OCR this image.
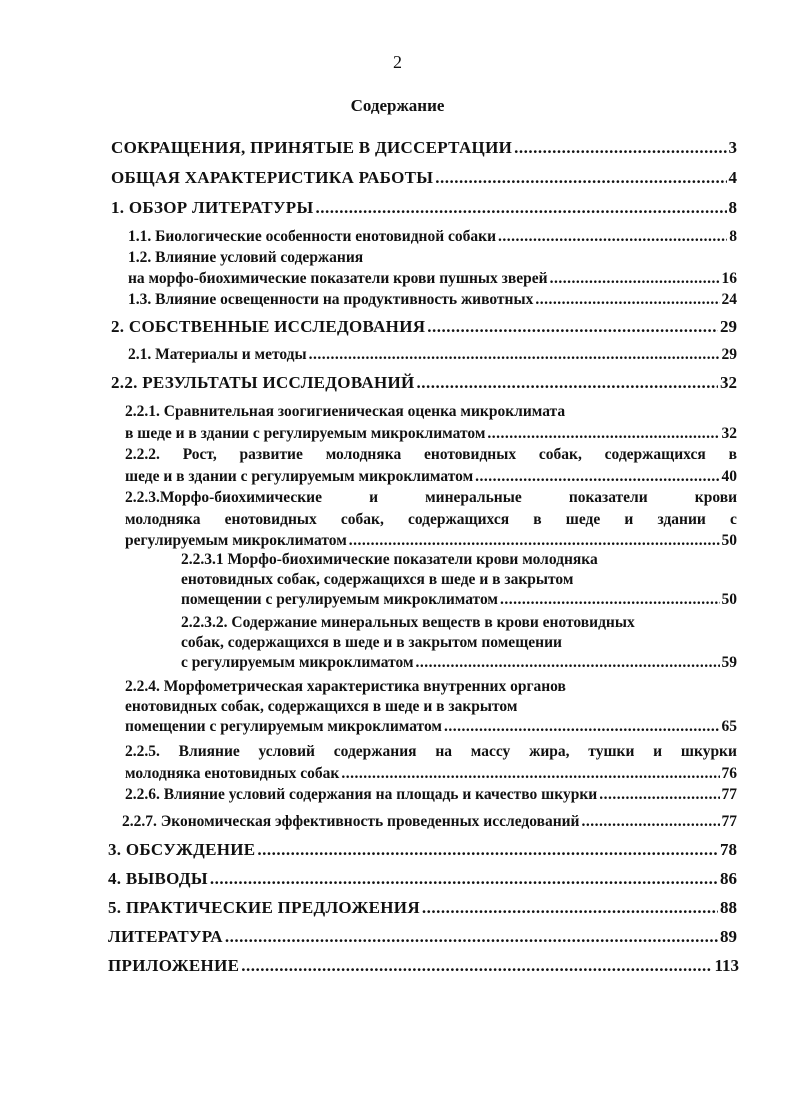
2
Содержание
СОКРАЩЕНИЯ, ПРИНЯТЫЕ В ДИССЕРТАЦИИ .....	3
ОБЩАЯ ХАРАКТЕРИСТИКА РАБОТЫ .....	4
1. ОБЗОР ЛИТЕРАТУРЫ .....	8
1.1. Биологические особенности енотовидной собаки .....	8
1.2. Влияние условий содержания
на морфо-биохимические показатели крови пушных зверей .....	16
1.3. Влияние освещенности на продуктивность животных .....	24
2. СОБСТВЕННЫЕ ИССЛЕДОВАНИЯ .....	29
2.1. Материалы и методы .....	29
2.2. РЕЗУЛЬТАТЫ ИССЛЕДОВАНИЙ .....	32
2.2.1. Сравнительная зоогигиеническая оценка микроклимата
в шеде и в здании с регулируемым микроклиматом .....	32
2.2.2. Рост, развитие молодняка енотовидных собак, содержащихся в
шеде и в здании с регулируемым микроклиматом .....	40
2.2.3.Морфо-биохимические	и	минеральные	показатели	крови
молодняка енотовидных собак, содержащихся в шеде и здании с
регулируемым микроклиматом .....	50
2.2.3.1 Морфо-биохимические показатели крови молодняка
енотовидных собак, содержащихся в шеде и в закрытом
помещении с регулируемым микроклиматом .....	50
2.2.3.2. Содержание минеральных веществ в крови енотовидных
собак, содержащихся в шеде и в закрытом помещении
с регулируемым микроклиматом .....	59
2.2.4. Морфометрическая характеристика внутренних органов
енотовидных собак, содержащихся в шеде и в закрытом
помещении с регулируемым микроклиматом .....	65
2.2.5. Влияние условий содержания на массу жира, тушки и шкурки
молодняка енотовидных собак .....	76
2.2.6. Влияние условий содержания на площадь и качество шкурки .....	77
2.2.7. Экономическая эффективность проведенных исследований .....	77
3. ОБСУЖДЕНИЕ .....	78
4. ВЫВОДЫ .....	86
5. ПРАКТИЧЕСКИЕ ПРЕДЛОЖЕНИЯ .....	88
ЛИТЕРАТУРА .....	89
ПРИЛОЖЕНИЕ .....	113
